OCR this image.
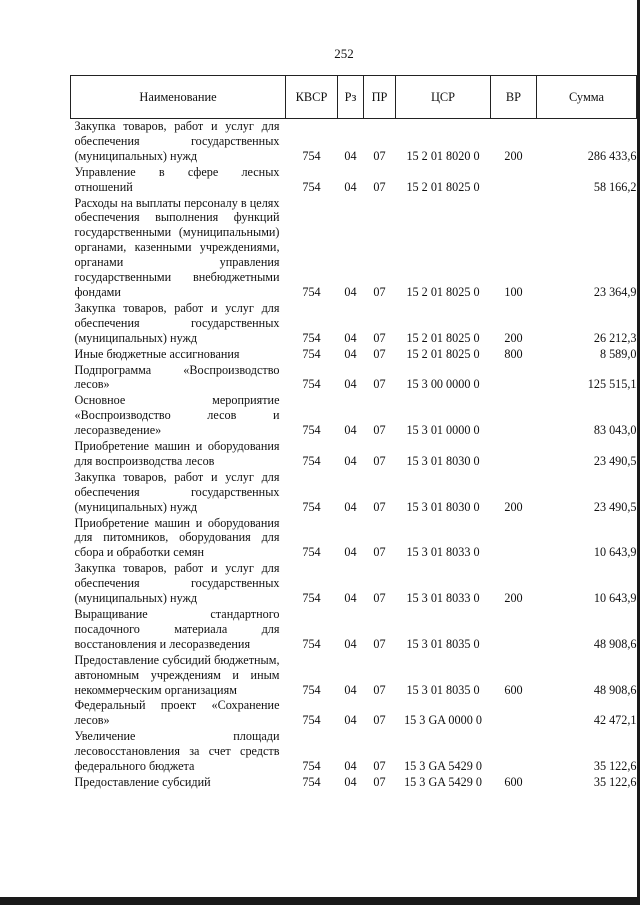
252
Наименование	КВСР	Рз	ПР	ЦСР	ВР	Сумма
Закупка товаров, работ и услуг для обеспечения государственных (муниципальных) нужд	754	04	07	15 2 01 8020 0	200	286 433,6
Управление в сфере лесных отношений	754	04	07	15 2 01 8025 0		58 166,2
Расходы на выплаты персоналу в целях обеспечения выполнения функций государственными (муниципальными) органами, казенными учреждениями, органами управления государственными внебюджетными фондами	754	04	07	15 2 01 8025 0	100	23 364,9
Закупка товаров, работ и услуг для обеспечения государственных (муниципальных) нужд	754	04	07	15 2 01 8025 0	200	26 212,3
Иные бюджетные ассигнования	754	04	07	15 2 01 8025 0	800	8 589,0
Подпрограмма «Воспроизводство лесов»	754	04	07	15 3 00 0000 0		125 515,1
Основное мероприятие «Воспроизводство лесов и лесоразведение»	754	04	07	15 3 01 0000 0		83 043,0
Приобретение машин и оборудования для воспроизводства лесов	754	04	07	15 3 01 8030 0		23 490,5
Закупка товаров, работ и услуг для обеспечения государственных (муниципальных) нужд	754	04	07	15 3 01 8030 0	200	23 490,5
Приобретение машин и оборудования для питомников, оборудования для сбора и обработки семян	754	04	07	15 3 01 8033 0		10 643,9
Закупка товаров, работ и услуг для обеспечения государственных (муниципальных) нужд	754	04	07	15 3 01 8033 0	200	10 643,9
Выращивание стандартного посадочного материала для восстановления и лесоразведения	754	04	07	15 3 01 8035 0		48 908,6
Предоставление субсидий бюджетным, автономным учреждениям и иным некоммерческим организациям	754	04	07	15 3 01 8035 0	600	48 908,6
Федеральный проект «Сохранение лесов»	754	04	07	15 3 GA 0000 0		42 472,1
Увеличение площади лесовосстановления за счет средств федерального бюджета	754	04	07	15 3 GA 5429 0		35 122,6
Предоставление субсидий	754	04	07	15 3 GA 5429 0	600	35 122,6
